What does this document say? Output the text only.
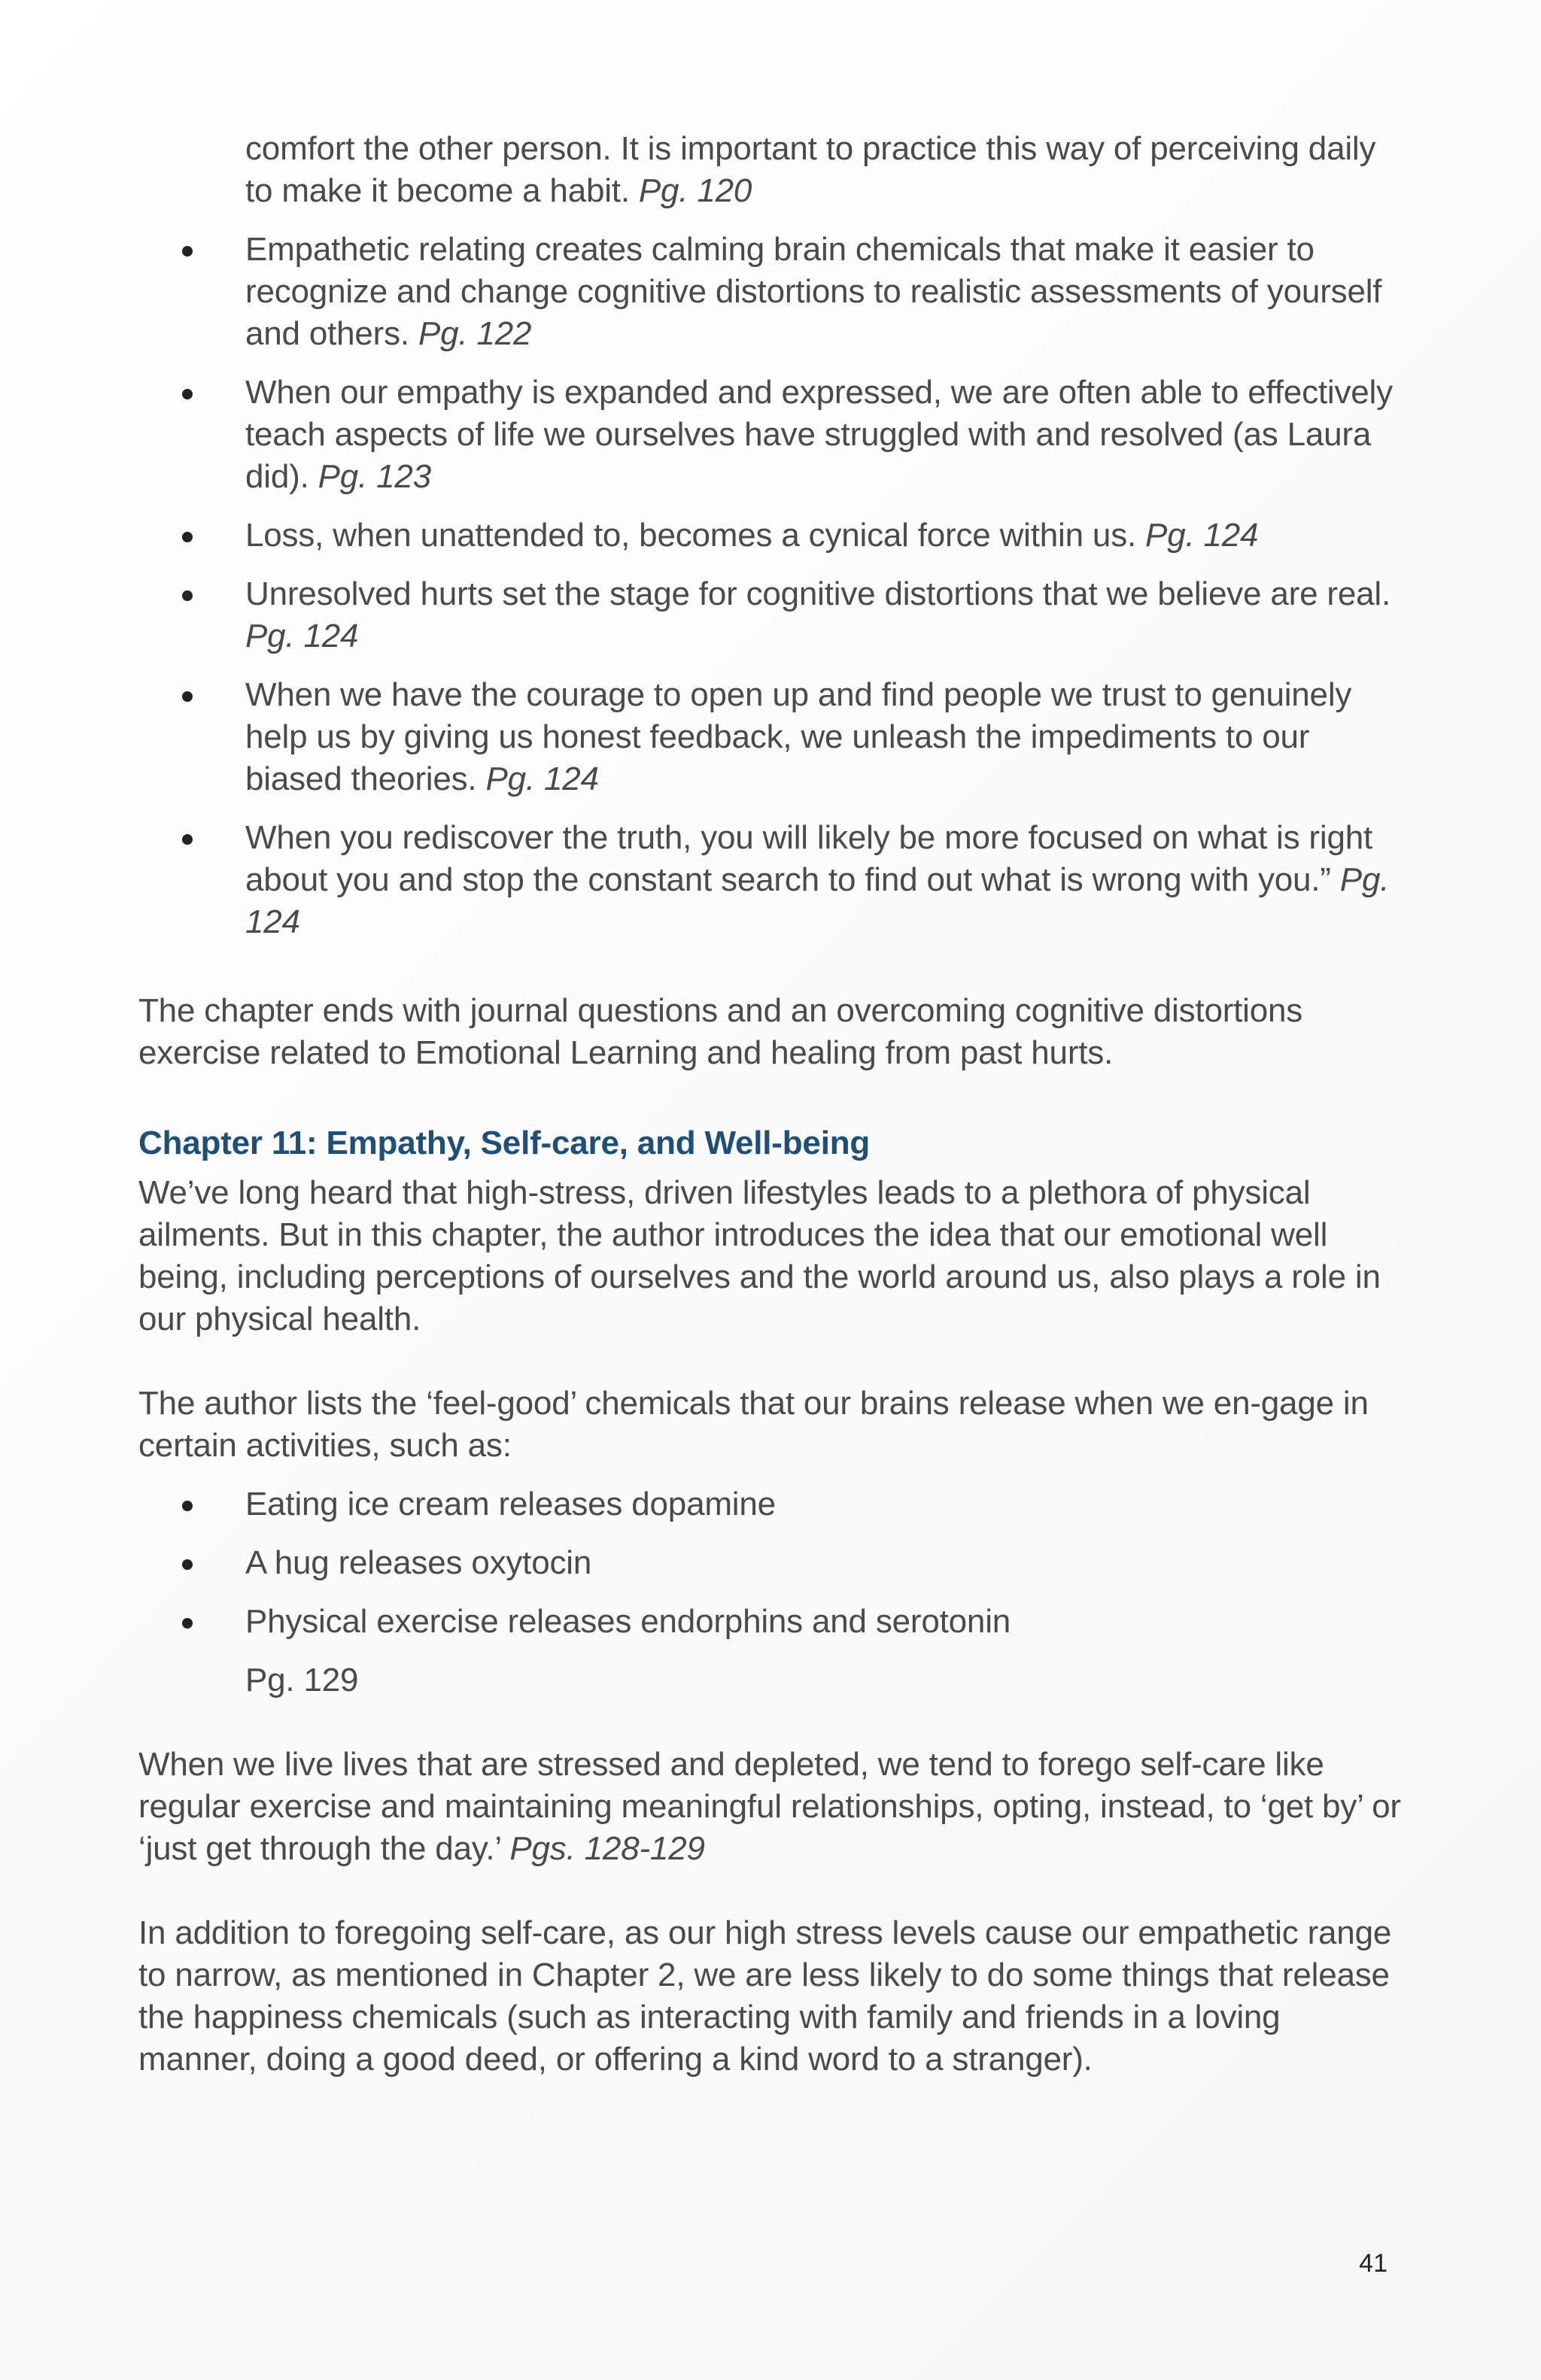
comfort the other person. It is important to practice this way of perceiving daily to make it become a habit. Pg. 120

Empathetic relating creates calming brain chemicals that make it easier to recognize and change cognitive distortions to realistic assessments of yourself and others. Pg. 122
When our empathy is expanded and expressed, we are often able to effectively teach aspects of life we ourselves have struggled with and resolved (as Laura did). Pg. 123
Loss, when unattended to, becomes a cynical force within us. Pg. 124
Unresolved hurts set the stage for cognitive distortions that we believe are real. Pg. 124
When we have the courage to open up and find people we trust to genuinely help us by giving us honest feedback, we unleash the impediments to our biased theories. Pg. 124
When you rediscover the truth, you will likely be more focused on what is right about you and stop the constant search to find out what is wrong with you.” Pg. 124

The chapter ends with journal questions and an overcoming cognitive distortions exercise related to Emotional Learning and healing from past hurts.

Chapter 11: Empathy, Self-care, and Well-being

We’ve long heard that high-stress, driven lifestyles leads to a plethora of physical ailments. But in this chapter, the author introduces the idea that our emotional well being, including perceptions of ourselves and the world around us, also plays a role in our physical health.

The author lists the ‘feel-good’ chemicals that our brains release when we en-gage in certain activities, such as:

Eating ice cream releases dopamine
A hug releases oxytocin
Physical exercise releases endorphins and serotonin

Pg. 129

When we live lives that are stressed and depleted, we tend to forego self-care like regular exercise and maintaining meaningful relationships, opting, instead, to ‘get by’ or ‘just get through the day.’ Pgs. 128-129

In addition to foregoing self-care, as our high stress levels cause our empathetic range to narrow, as mentioned in Chapter 2, we are less likely to do some things that release the happiness chemicals (such as interacting with family and friends in a loving manner, doing a good deed, or offering a kind word to a stranger).

41
